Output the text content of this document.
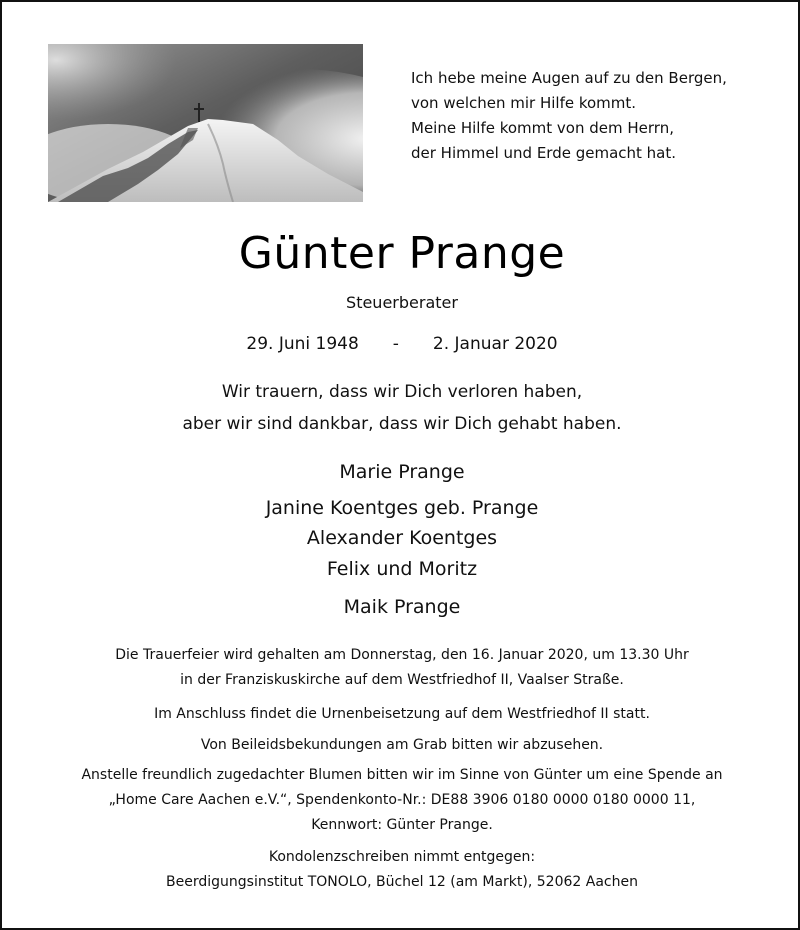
Ich hebe meine Augen auf zu den Bergen,
von welchen mir Hilfe kommt.
Meine Hilfe kommt von dem Herrn,
der Himmel und Erde gemacht hat.
Günter Prange
Steuerberater
29. Juni 1948 - 2. Januar 2020
Wir trauern, dass wir Dich verloren haben,
aber wir sind dankbar, dass wir Dich gehabt haben.
Marie Prange
Janine Koentges geb. Prange
Alexander Koentges
Felix und Moritz
Maik Prange
Die Trauerfeier wird gehalten am Donnerstag, den 16. Januar 2020, um 13.30 Uhr
in der Franziskuskirche auf dem Westfriedhof II, Vaalser Straße.
Im Anschluss findet die Urnenbeisetzung auf dem Westfriedhof II statt.
Von Beileidsbekundungen am Grab bitten wir abzusehen.
Anstelle freundlich zugedachter Blumen bitten wir im Sinne von Günter um eine Spende an
„Home Care Aachen e.V.“, Spendenkonto-Nr.: DE88 3906 0180 0000 0180 0000 11,
Kennwort: Günter Prange.
Kondolenzschreiben nimmt entgegen:
Beerdigungsinstitut TONOLO, Büchel 12 (am Markt), 52062 Aachen
